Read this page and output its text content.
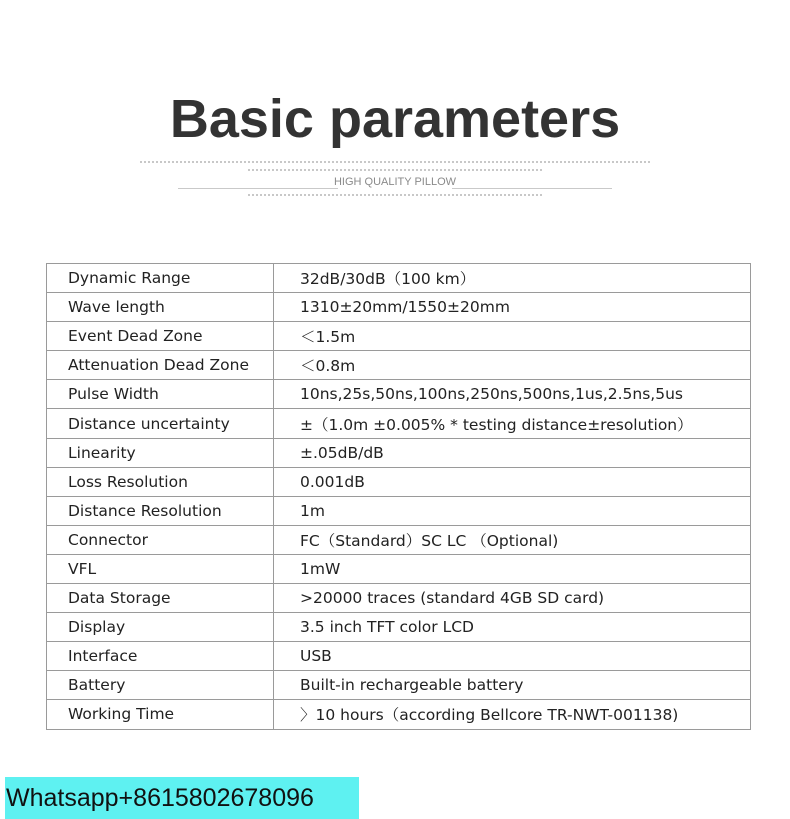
Basic parameters
HIGH QUALITY PILLOW
Dynamic Range	32dB/30dB（100 km）
Wave length	1310±20mm/1550±20mm
Event Dead Zone	＜1.5m
Attenuation Dead Zone	＜0.8m
Pulse Width	10ns,25s,50ns,100ns,250ns,500ns,1us,2.5ns,5us
Distance uncertainty	±（1.0m ±0.005% * testing distance±resolution）
Linearity	±.05dB/dB
Loss Resolution	0.001dB
Distance Resolution	1m
Connector	FC（Standard）SC LC （Optional)
VFL	1mW
Data Storage	>20000 traces (standard 4GB SD card)
Display	3.5 inch TFT color LCD
Interface	USB
Battery	Built-in rechargeable battery
Working Time	〉10 hours（according Bellcore TR-NWT-001138)
Whatsapp+8615802678096
